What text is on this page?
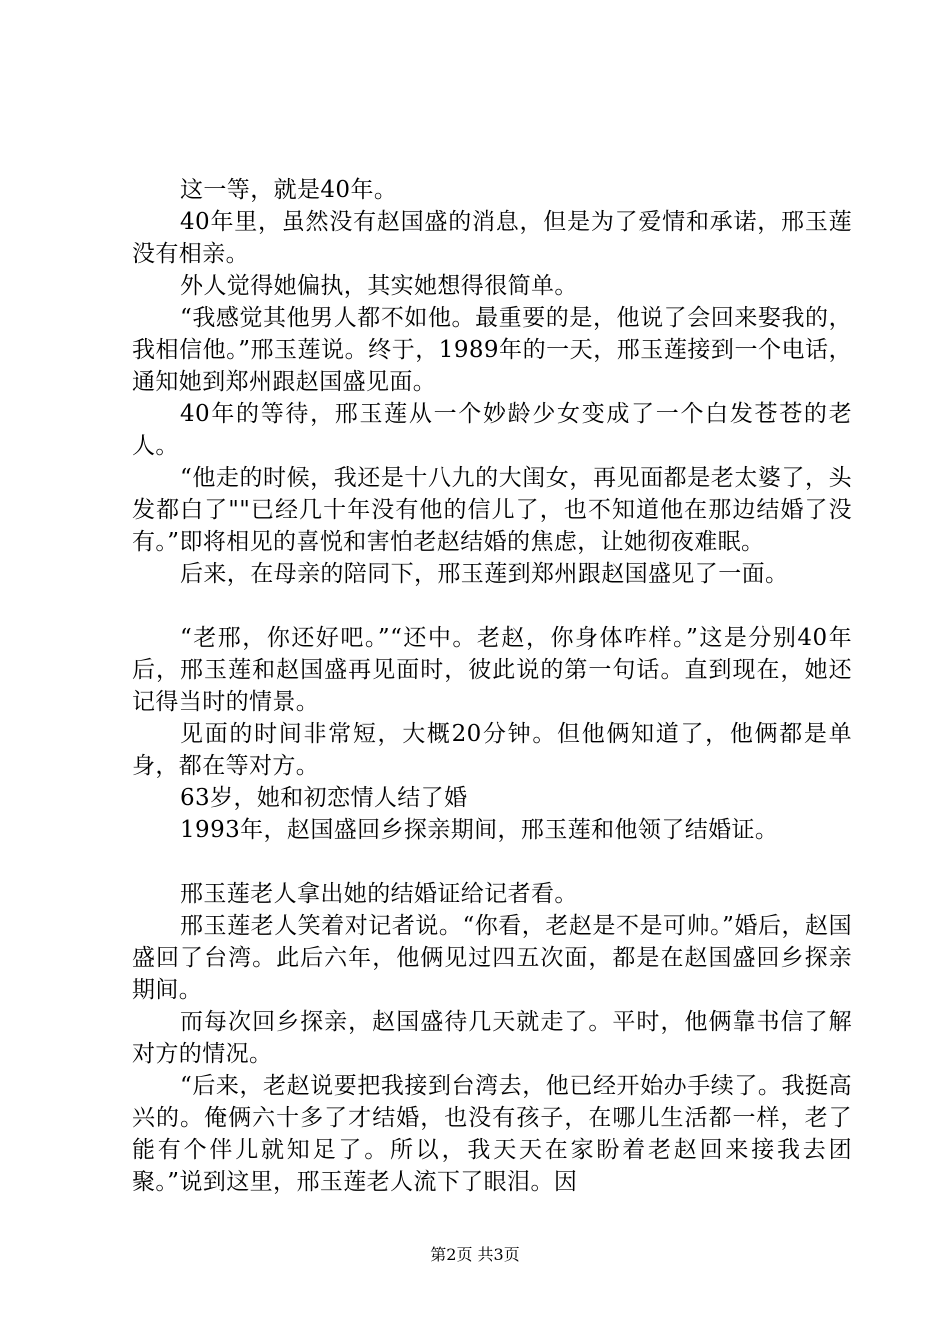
这一等，就是40年。

40年里，虽然没有赵国盛的消息，但是为了爱情和承诺，邢玉莲没有相亲。

外人觉得她偏执，其实她想得很简单。

“我感觉其他男人都不如他。最重要的是，他说了会回来娶我的，我相信他。”邢玉莲说。终于，1989年的一天，邢玉莲接到一个电话，通知她到郑州跟赵国盛见面。

40年的等待，邢玉莲从一个妙龄少女变成了一个白发苍苍的老人。

“他走的时候，我还是十八九的大闺女，再见面都是老太婆了，头发都白了""已经几十年没有他的信儿了，也不知道他在那边结婚了没有。”即将相见的喜悦和害怕老赵结婚的焦虑，让她彻夜难眠。

后来，在母亲的陪同下，邢玉莲到郑州跟赵国盛见了一面。

“老邢，你还好吧。”“还中。老赵，你身体咋样。”这是分别40年后，邢玉莲和赵国盛再见面时，彼此说的第一句话。直到现在，她还记得当时的情景。

见面的时间非常短，大概20分钟。但他俩知道了，他俩都是单身，都在等对方。

63岁，她和初恋情人结了婚

1993年，赵国盛回乡探亲期间，邢玉莲和他领了结婚证。

邢玉莲老人拿出她的结婚证给记者看。

邢玉莲老人笑着对记者说。“你看，老赵是不是可帅。”婚后，赵国盛回了台湾。此后六年，他俩见过四五次面，都是在赵国盛回乡探亲期间。

而每次回乡探亲，赵国盛待几天就走了。平时，他俩靠书信了解对方的情况。

“后来，老赵说要把我接到台湾去，他已经开始办手续了。我挺高兴的。俺俩六十多了才结婚，也没有孩子，在哪儿生活都一样，老了能有个伴儿就知足了。所以，我天天在家盼着老赵回来接我去团聚。”说到这里，邢玉莲老人流下了眼泪。因

第2页 共3页
